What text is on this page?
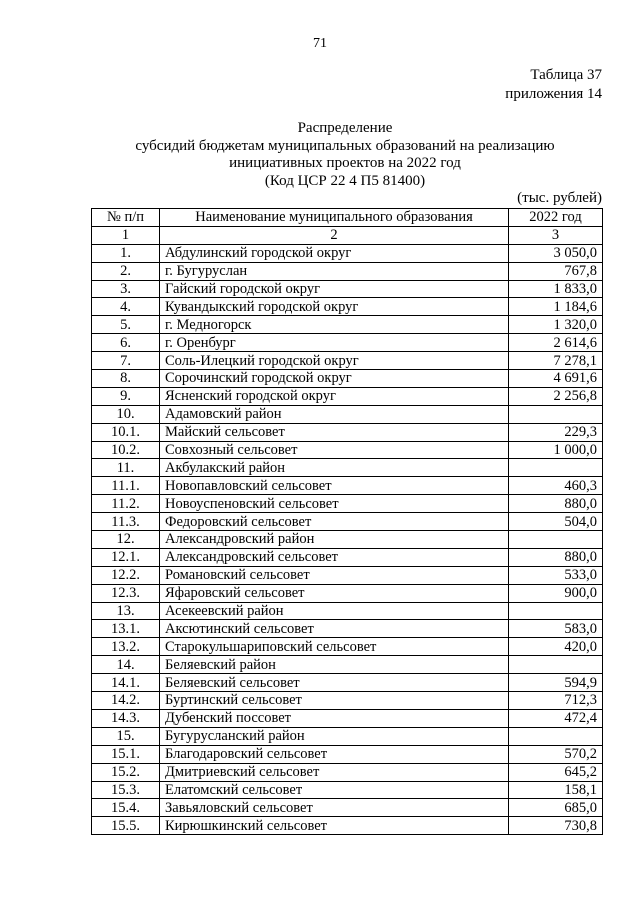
71
Таблица 37
приложения 14
Распределение
субсидий бюджетам муниципальных образований на реализацию
инициативных проектов на 2022 год
(Код ЦСР 22 4 П5 81400)
(тыс. рублей)
№ п/п	Наименование муниципального образования	2022 год
1	2	3
1.	Абдулинский городской округ	3 050,0
2.	г. Бугуруслан	767,8
3.	Гайский городской округ	1 833,0
4.	Кувандыкский городской округ	1 184,6
5.	г. Медногорск	1 320,0
6.	г. Оренбург	2 614,6
7.	Соль-Илецкий городской округ	7 278,1
8.	Сорочинский городской округ	4 691,6
9.	Ясненский городской округ	2 256,8
10.	Адамовский район	
10.1.	Майский сельсовет	229,3
10.2.	Совхозный сельсовет	1 000,0
11.	Акбулакский район	
11.1.	Новопавловский сельсовет	460,3
11.2.	Новоуспеновский сельсовет	880,0
11.3.	Федоровский сельсовет	504,0
12.	Александровский район	
12.1.	Александровский сельсовет	880,0
12.2.	Романовский сельсовет	533,0
12.3.	Яфаровский сельсовет	900,0
13.	Асекеевский район	
13.1.	Аксютинский сельсовет	583,0
13.2.	Старокульшариповский сельсовет	420,0
14.	Беляевский район	
14.1.	Беляевский сельсовет	594,9
14.2.	Буртинский сельсовет	712,3
14.3.	Дубенский поссовет	472,4
15.	Бугурусланский район	
15.1.	Благодаровский сельсовет	570,2
15.2.	Дмитриевский сельсовет	645,2
15.3.	Елатомский сельсовет	158,1
15.4.	Завьяловский сельсовет	685,0
15.5.	Кирюшкинский сельсовет	730,8
